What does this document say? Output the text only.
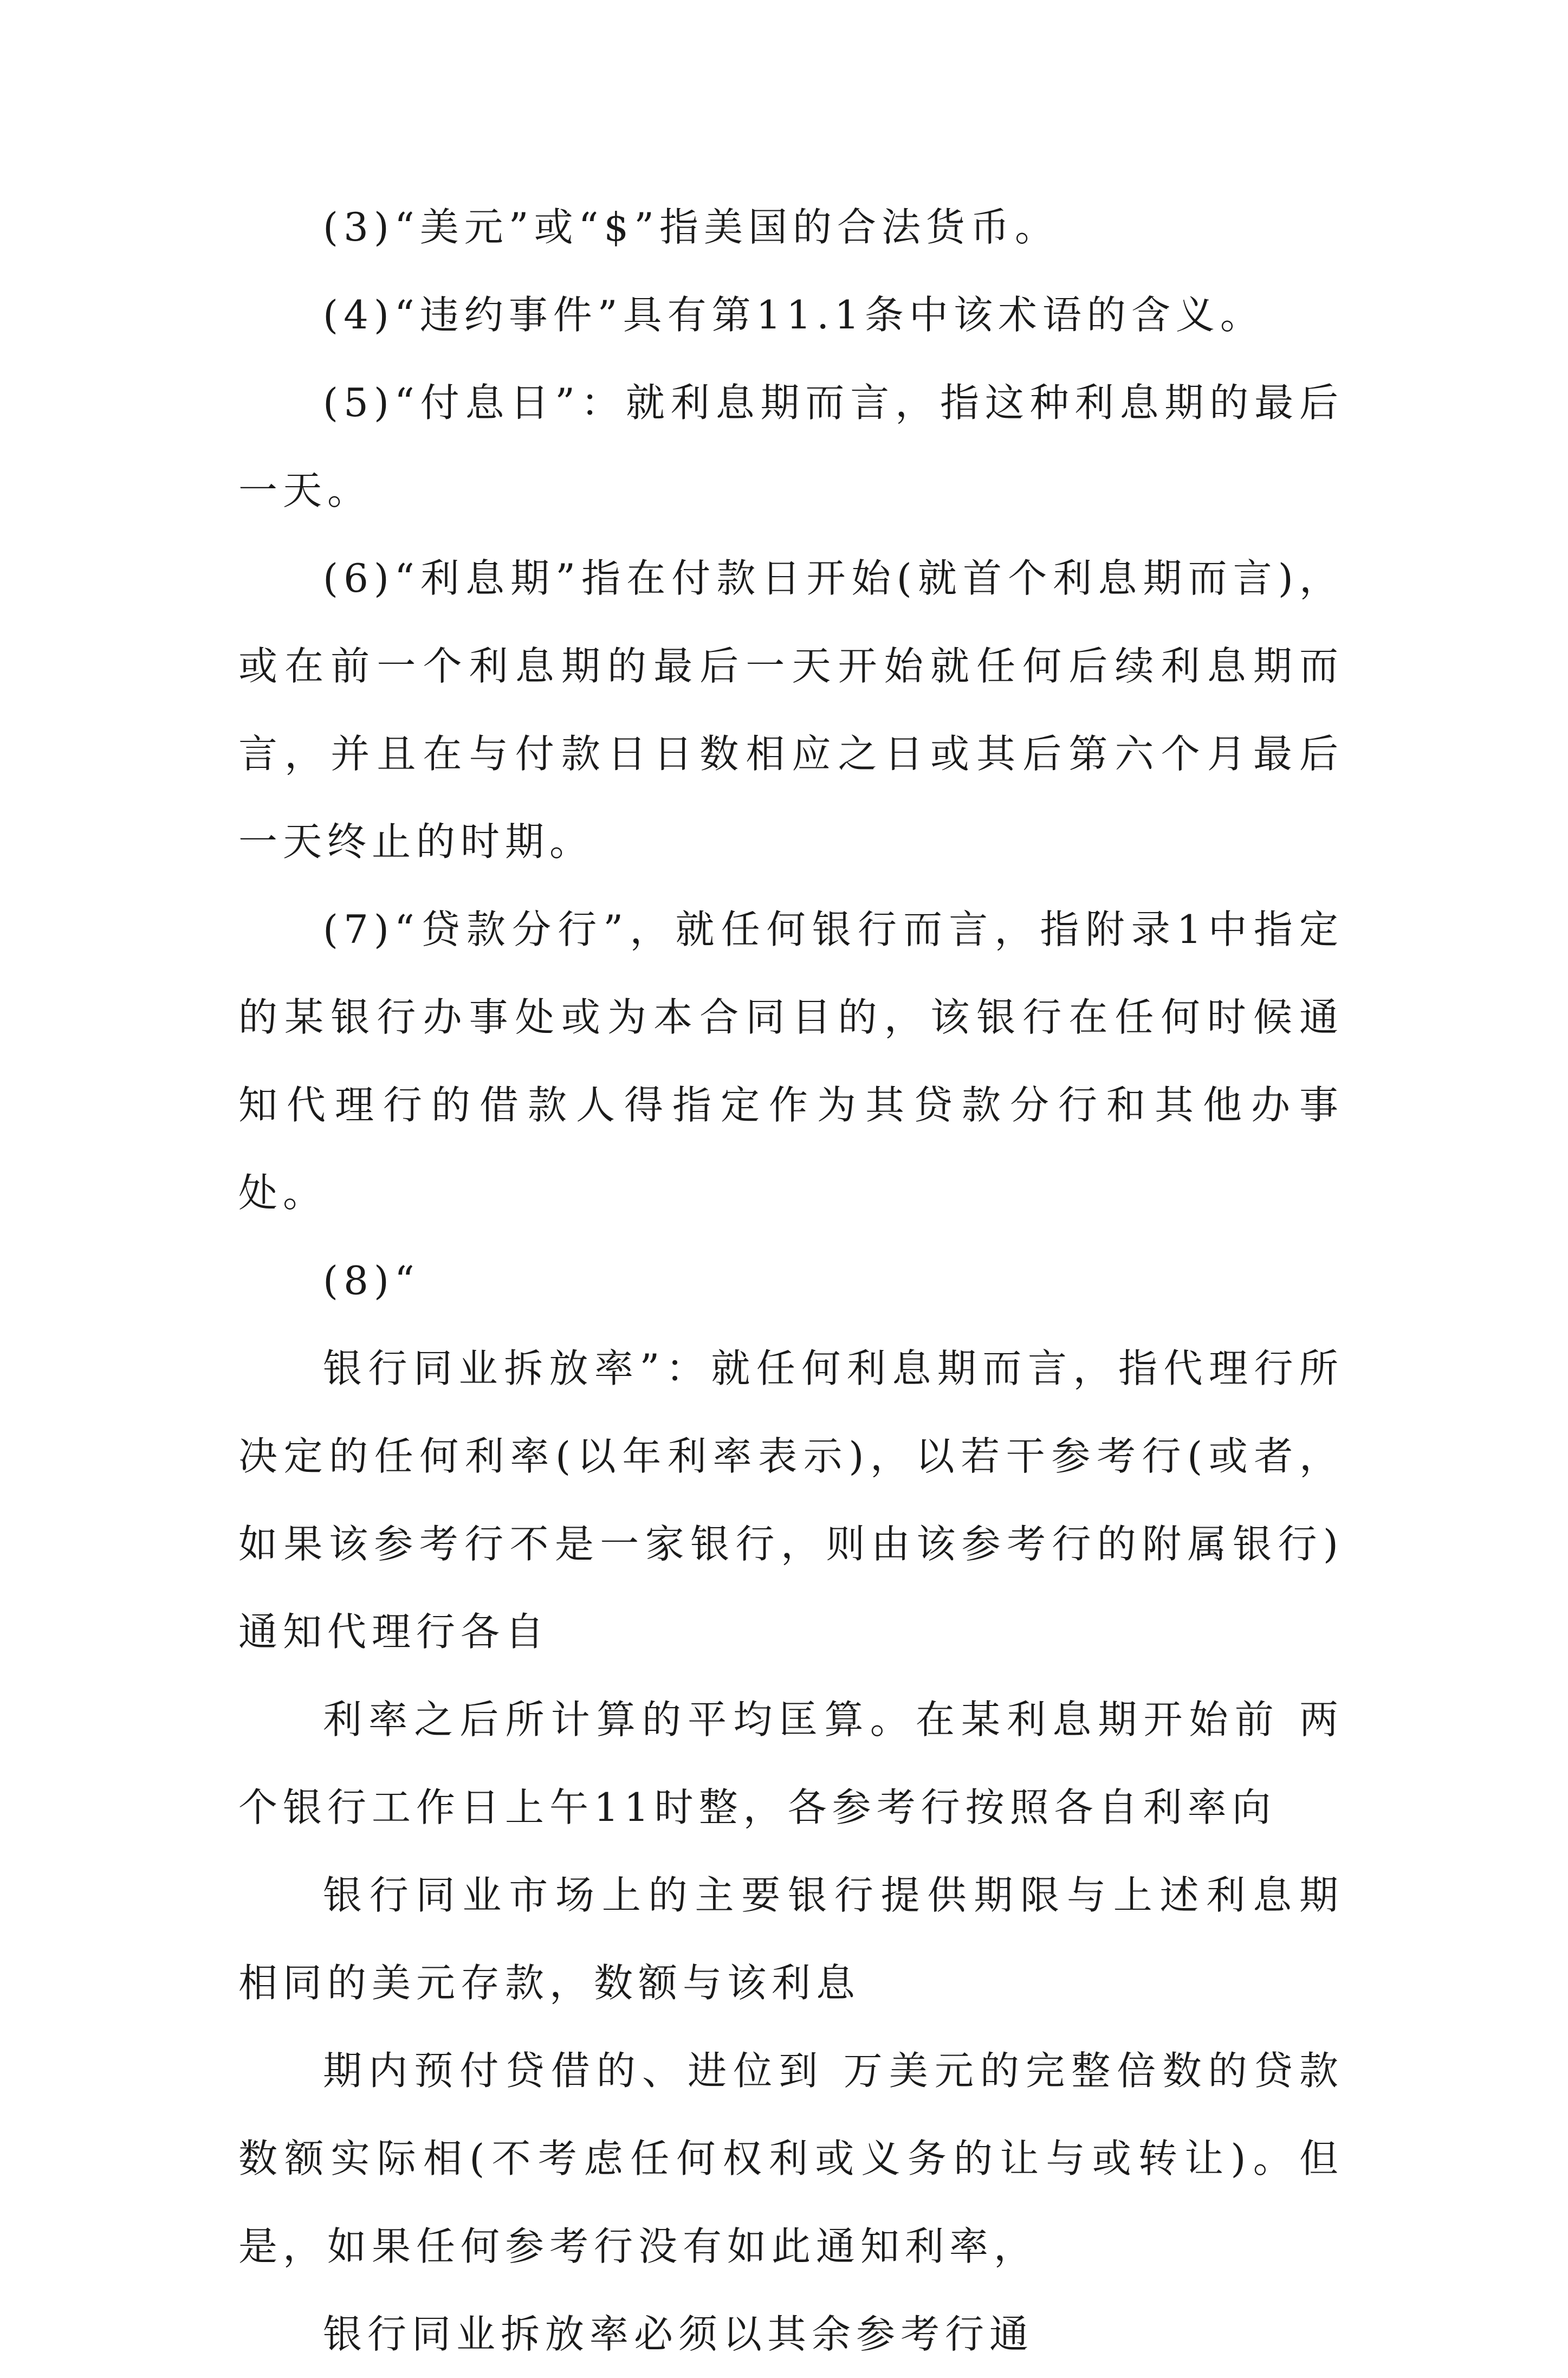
(3)“美元”或“$”指美国的合法货币。

(4)“违约事件”具有第11.1条中该术语的含义。

(5)“付息日”：就利息期而言，指这种利息期的最后一天。

(6)“利息期”指在付款日开始(就首个利息期而言)，或在前一个利息期的最后一天开始就任何后续利息期而言，并且在与付款日日数相应之日或其后第六个月最后一天终止的时期。

(7)“贷款分行”，就任何银行而言，指附录1中指定的某银行办事处或为本合同目的，该银行在任何时候通知代理行的借款人得指定作为其贷款分行和其他办事处。

(8)“

银行同业拆放率”：就任何利息期而言，指代理行所决定的任何利率(以年利率表示)，以若干参考行(或者，如果该参考行不是一家银行，则由该参考行的附属银行)通知代理行各自

利率之后所计算的平均匡算。在某利息期开始前 两个银行工作日上午11时整，各参考行按照各自利率向

银行同业市场上的主要银行提供期限与上述利息期相同的美元存款，数额与该利息

期内预付贷借的、进位到 万美元的完整倍数的贷款数额实际相(不考虑任何权利或义务的让与或转让)。但是，如果任何参考行没有如此通知利率，

银行同业拆放率必须以其余参考行通
